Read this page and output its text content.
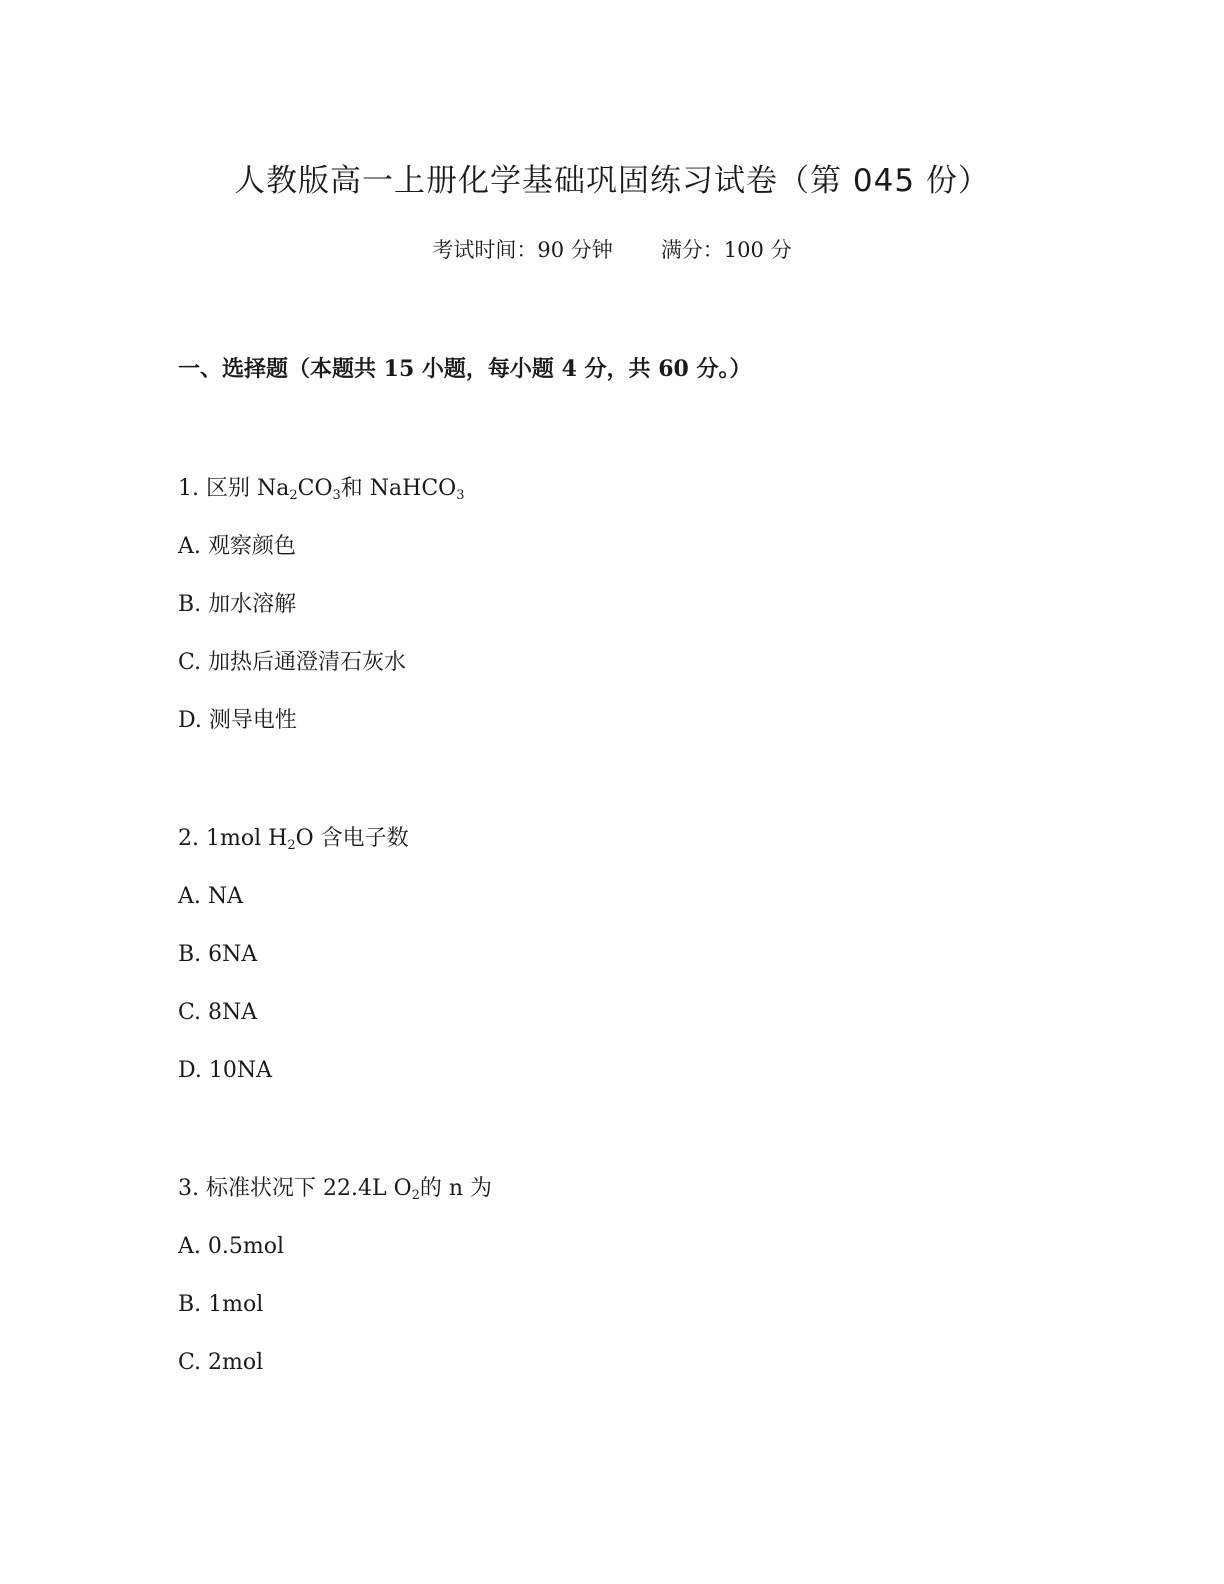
人教版高一上册化学基础巩固练习试卷（第 045 份）
考试时间：90 分钟 满分：100 分
一、选择题（本题共 15 小题，每小题 4 分，共 60 分。）
1. 区别 $Na_2CO_3$和 NaHCO$_3$
A. 观察颜色
B. 加水溶解
C. 加热后通澄清石灰水
D. 测导电性
2. 1mol $H_2O$ 含电子数
A. NA
B. 6NA
C. 8NA
D. 10NA
3. 标准状况下 22.4L $O_2$的 n 为
A. 0.5mol
B. 1mol
C. 2mol
